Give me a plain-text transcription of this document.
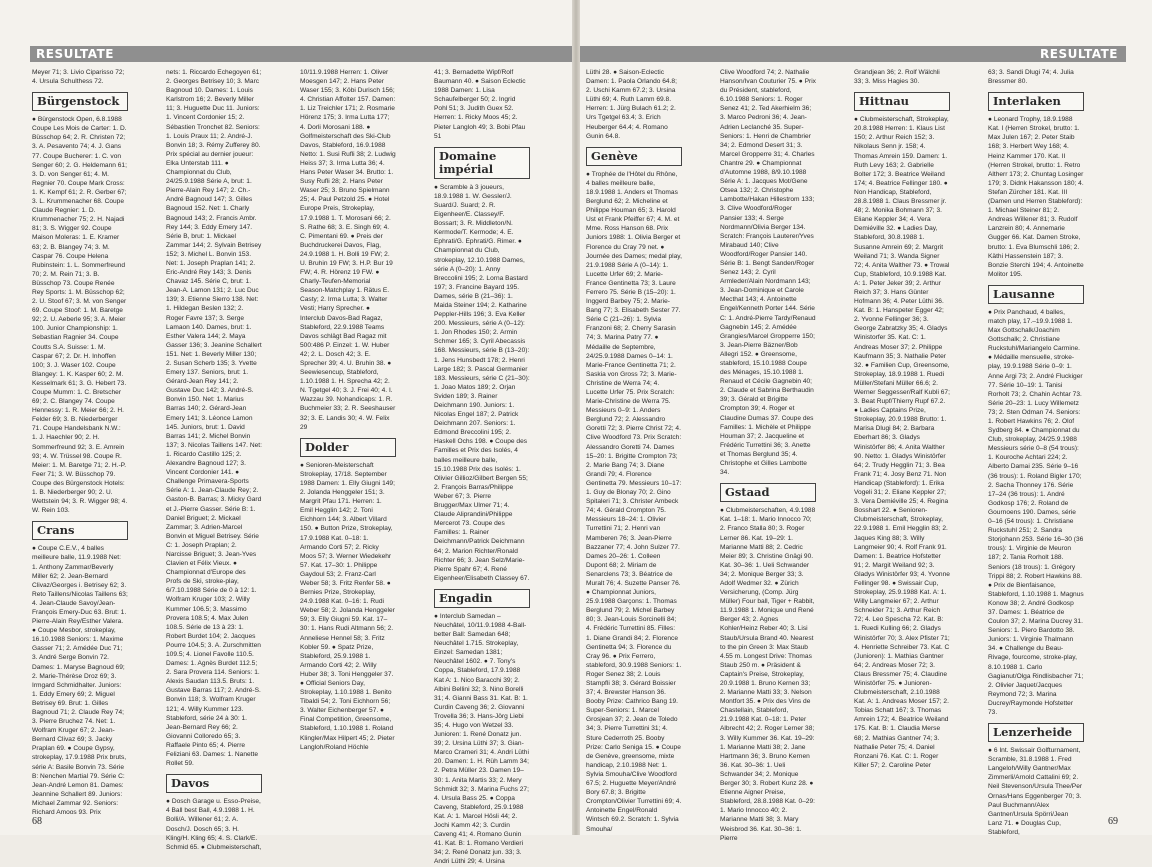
RESULTATE
Meyer 71; 3. Livio Ciparisso 72; 4. Ursula Schulthess 72.
Bürgenstock
● Bürgenstock Open, 6.8.1988 Coupe Les Mois de Carter: 1. D. Büsschop 64; 2. R. Christen 72; 3. A. Pesavento 74; 4. J. Gans 77. Coupe Bucherer: 1. C. von Senger 60; 2. G. Heldemann 61; 3. D. von Senger 61; 4. M. Regnier 70. Coupe Mark Cross: 1. K. Kempf 61; 2. R. Gerber 67; 3. L. Krummenacher 68. Coupe Claude Regnier: 1. D. Krummenacher 75; 2. H. Najadi 81; 3. S. Wigger 92. Coupe Maison Moleras: 1. E. Kramer 63; 2. B. Blangey 74; 3. M. Caspar 76. Coupe Helena Rubinstein: 1. L. Sommerfreund 70; 2. M. Rein 71; 3. B. Büsschop 73. Coupe Renée Rey Sports: 1. M. Büsschop 62; 2. U. Stoof 67; 3. M. von Senger 69. Coupe Stoof: 1. M. Baretge 92; 2. U. Aeberle 95; 3. A. Meier 100. Junior Championship: 1. Sebastian Ragnier 34. Coupe Coutts S.A. Suisse: 1. M. Caspar 67; 2. Dr. H. Inhoffen 100; 3. J. Waser 102. Coupe Blangey: 1. K. Kasper 60; 2. M. Kesselmark 61; 3. G. Hebert 73. Coupe Mumm: 1. C. Bretscher 69; 2. C. Blangey 74. Coupe Hennessy: 1. R. Meier 66; 2. H. Felder 69; 3. B. Niederberger 71. Coupe Handelsbank N.W.: 1. J. Haechler 90; 2. H. Sommerfreund 92; 3. E. Amrein 93; 4. W. Trüssel 98. Coupe R. Meier: 1. M. Baretge 71; 2. H.-P. Feer 71; 3. W. Büsschop 79. Coupe des Bürgenstock Hotels: 1. B. Niederberger 90; 2. U. Wettstein 94; 3. R. Wigger 98; 4. W. Rein 103.
Crans
● Coupe C.E.V., 4 balles meilleure balle, 11.9.1988 Net: 1. Anthony Zammar/Beverly Miller 62; 2. Jean-Bernard Clivaz/Georges i. Betrisey 62; 3. Reto Taillens/Nicolas Taillens 63; 4. Jean-Claude Savoy/Jean-François Emery-Duc 63. Brut: 1. Pierre-Alain Rey/Esther Valera. ● Coupe Mesbor, strokeplay, 16.10.1988 Seniors: 1. Maxime Gasser 71; 2. Amédée Duc 71; 3. André Serge Bonvin 72. Dames: 1. Maryse Bagnoud 69; 2. Marie-Thérèse Droz 69; 3. Irmgard Schmidhalter. Juniors: 1. Eddy Emery 69; 2. Miguel Betrisey 69. Brut: 1. Gilles Bagnoud 71; 2. Claude Rey 74; 3. Pierre Bruchez 74. Net: 1. Wolfram Kruger 67; 2. Jean-Bernard Clivaz 69; 3. Jacky Praplan 69. ● Coupe Gypsy, strokeplay, 17.9.1988 Prix bruts, série A: Basile Bonvin 73. Série B: Nenchen Martial 79. Série C: Jean-André Lemon 81. Dames: Jeannine Schallert 89. Juniors: Michael Zammar 92. Seniors: Richard Amoos 93. Prix
nets: 1. Riccardo Echegoyen 61; 2. Georges Betrisey 10; 3. Marc Bagnoud 10. Dames: 1. Louis Karlstrom 16; 2. Beverly Miller 11; 3. Huguette Duc 11. Juniors: 1. Vincent Cordonier 15; 2. Sébastien Tronchet 82. Seniors: 1. Louis Praux 11; 2. André-J. Bonvin 18; 3. Rémy Zufferey 80. Prix spécial au dernier joueur: Elka Unterstab 111. ● Championnat du Club, 24/25.9.1988 Série A, brut: 1. Pierre-Alain Rey 147; 2. Ch.-André Bagnoud 147; 3. Gilles Bagnoud 152. Net: 1. Charly Bagnoud 143; 2. Francis Ambr. Rey 144; 3. Eddy Emery 147. Série B, brut: 1. Mickael Zammar 144; 2. Sylvain Betrisey 152; 3. Michel L. Bonvin 153. Net: 1. Joseph Praplan 141; 2. Eric-André Rey 143; 3. Denis Chavaz 145. Série C, brut: 1. Jean-A. Lamon 131; 2. Luc Duc 139; 3. Etienne Sierro 138. Net: 1. Hildegan Beslen 132; 2. Roger Favre 137; 3. Serge Lamaon 140. Dames, brut: 1. Esther Valera 144; 2. Maya Gasser 136; 3. Jeanine Schallert 151. Net: 1. Beverly Miller 130; 2. Susan Scherb 135; 3. Yvette Emery 137. Seniors, brut: 1. Gérard-Jean Rey 141; 2. Gustave Duc 142; 3. André-S. Bonvin 150. Net: 1. Marius Barras 140; 2. Gérard-Jean Emery 141; 3. Léonce Lamon 145. Juniors, brut: 1. David Barras 141; 2. Michel Bonvin 137; 3. Nicolas Taillens 147. Net: 1. Ricardo Castillo 125; 2. Alexandre Bagnoud 127; 3. Vincent Cordonier 141. ● Challenge Primavera-Sports Série A: 1. Jean-Claude Rey; 2. Gaston-B. Barras; 3. Micky Gard et J.-Pierre Gasser. Série B: 1. Daniel Briguet; 2. Mickael Zammar; 3. Adrien-Marcel Bonvin et Miguel Betrisey. Série C: 1. Joseph Praplan; 2. Narcisse Briguet; 3. Jean-Yves Clavien et Félix Vieux. ● Championnat d'Europe des Profs de Ski, stroke-play, 6/7.10.1988 Série de 0 à 12: 1. Wolfram Kruger 103; 2. Willy Kummer 106.5; 3. Massimo Provera 108.5; 4. Max Julen 108.5. Série de 13 à 23: 1. Robert Burdet 104; 2. Jacques Pourre 104.5; 3. A. Zurschmitten 109.5; 4. Lionel Favolle 110.5. Dames: 1. Agnès Burdet 112.5; 2. Sara Provera 114. Seniors: 1. Alexis Saudan 113.5. Bruts: 1. Gustave Barras 117; 2. André-S. Bonvin 118; 3. Wolfram Kruger 121; 4. Willy Kummer 123. Stableford, série 24 à 30: 1. Jean-Bernard Rey 66; 2. Giovanni Colloredo 65; 3. Raffaele Pinto 65; 4. Pierre Feliziani 63. Dames: 1. Nanette Rollet 59.
Davos
● Dosch Garage u. Esso-Preise, 4 Ball best Ball, 4.9.1988 1. H. Bolli/A. Willener 61; 2. A. Dosch/J. Dosch 65; 3. H. Kling/H. Kling 65; 4. S. Clark/E. Schmid 65. ● Clubmeisterschaft,
10/11.9.1988 Herren: 1. Oliver Moesgen 147; 2. Hans Peter Waser 155; 3. Köbi Durisch 156; 4. Christian Affolter 157. Damen: 1. Liz Treichler 171; 2. Rosmarie Hörenz 175; 3. Irma Lutta 177; 4. Dorli Morosani 188. ● Golfmeisterschaft des Ski-Club Davos, Stableford, 16.9.1988 Netto: 1. Susi Rufli 38; 2. Ludwig Heiss 37; 3. Irma Lutta 36; 4. Hans Peter Waser 34. Brutto: 1. Susy Rufli 28; 2. Hans Peter Waser 25; 3. Bruno Spielmann 25; 4. Paul Petzold 25. ● Hotel Europe Preis, Strokeplay, 17.9.1988 1. T. Morosani 66; 2. S. Rathe 68; 3. E. Singh 69; 4. C. Pimentani 69. ● Preis der Buchdruckerei Davos, Flag, 24.9.1988 1. H. Bolli 19 FW; 2. U. Bruhin 19 FW; 3. H.P. Bur 19 FW; 4. R. Hörenz 19 FW. ● Charly-Teufen-Memorial Season-Matchplay 1. Rätus E. Casty; 2. Irma Lutta; 3. Walter Vesti; Harry Sprecher. ● Interclub Davos-Bad Ragaz, Stableford, 22.9.1988 Teams Davos schlägt Bad Ragaz mit 500:486 P. Einzel: 1. W. Huber 42; 2. L. Dosch 42; 3. E. Sprecher 39; 4. U. Bruhin 38. ● Seewiesencup, Stableford, 1.10.1988 1. H. Sprecha 42; 2. N. Tgetgel 40; 3. J. Frei 40; 4. I. Wazzau 39. Nohandicaps: 1. R. Buchmeier 33; 2. R. Seeshauser 32; 3. E. Landis 30; 4. W. Felix 29
Dolder
● Senioren-Meisterschaft Strokeplay, 17/18. September 1988 Damen: 1. Elly Giugni 149; 2. Jolanda Henggeler 151; 3. Margrit Pfau 171. Herren: 1. Emil Hegglin 142; 2. Toni Eichhorn 144; 3. Albert Villard 150. ● Button Prize, Strokeplay, 17.9.1988 Kat. 0–18: 1. Armando Corti 57; 2. Ricky Moos 57; 3. Werner Wiedekehr 57. Kat. 17–30: 1. Philippe Gaydoul 53; 2. Franz-Carl Weber 58; 3. Fritz Renfer 58. ● Bernies Prize, Strokeplay, 24.9.1988 Kat. 0–16: 1. Rudi Weber 58; 2. Jolanda Henggeler 59; 3. Elly Giugni 59. Kat. 17–30: 1. Hans Rudi Altmann 56; 2. Anneliese Hennel 58; 3. Fritz Kobler 59. ● Spatz Prize, Stableford, 25.9.1988 1. Armando Corti 42; 2. Willy Huber 38; 3. Toni Henggeler 37. ● Official Seniors Day, Strokeplay, 1.10.1988 1. Benito Tibaldi 54; 2. Toni Eichhorn 56; 3. Walter Eichenberger 57. ● Final Competition, Greensome, Stableford, 1.10.1988 1. Roland Klingler/Max Hilpert 45; 2. Pieter Langloh/Roland Höchle
41; 3. Bernadette Wipf/Rolf Baumann 40. ● Saison Eclectic 1988 Damen: 1. Lisa Schaufelberger 50; 2. Ingrid Pohl 51; 3. Judith Guex 52. Herren: 1. Ricky Moos 45; 2. Pieter Langloh 49; 3. Bobi Pfau 51
Domaine impérial
● Scramble à 3 joueurs, 18.9.1988 1. W. Gessler/J. Suard/J. Suard; 2. R. Eigenheer/E. Classey/F. Bossart; 3. R. Middleton/N. Kermode/T. Kermode; 4. E. Ephrati/G. Ephrati/G. Rimer. ● Championnat du Club, strokeplay, 12.10.1988 Dames, série A (0–20): 1. Anny Breccolini 195; 2. Lorna Bastard 197; 3. Francine Bayard 195. Dames, série B (21–36): 1. Maida Steiner 194; 2. Katharine Peppler-Hills 196; 3. Eva Keller 200. Messieurs, série A (0–12): 1. Jon Rhodes 150; 2. Armin Schmer 165; 3. Cyril Abecassis 168. Messieurs, série B (13–20): 1. Jens Hunsbedt 178; 2. Henri Large 182; 3. Pascal Germanier 183. Messieurs, série C (21–30): 1. Joao Matos 189; 2. Orjan Sviden 189; 3. Rainer Deichmann 190. Juniors: 1. Nicolas Engel 187; 2. Patrick Deichmann 207. Seniors: 1. Edmond Breccolini 195; 2. Haskell Ochs 198. ● Coupe des Familles et Prix des Isolés, 4 balles meilleure balle, 15.10.1988 Prix des Isolés: 1. Olivier Gillioz/Gilbert Bergen 55; 2. François Barras/Philippe Weber 67; 3. Pierre Brugger/Max Ulmer 71; 4. Claude Aliprandini/Philippe Mercerot 73. Coupe des Familles: 1. Rainer Deichmann/Patrick Deichmann 64; 2. Marion Richter/Ronald Richter 66; 3. Jean Selz/Marie-Pierre Spahr 67; 4. René Eigenheer/Elisabeth Classey 67.
Engadin
● Interclub Samedan – Neuchâtel, 10/11.9.1988 4-Ball-better Ball: Samedan 648; Neuchâtel 1.715. Strokeplay, Einzel: Samedan 1381; Neuchâtel 1602. ● 7. Tony's Coppa, Stableford, 17.9.1988 Kat A: 1. Nico Baracchi 39; 2. Albini Bellini 32; 3. Nino Borelli 31; 4. Gianni Bass 31. Kat. B: 1. Curdin Caveng 36; 2. Giovanni Trovella 36; 3. Hans-Jörg Liebi 35; 4. Hugo von Wetzel 33. Junioren: 1. René Donatz jun. 39; 2. Ursina Lüthi 37; 3. Gian-Marco Crameri 31; 4. Andri Lüthi 20. Damen: 1. H. Rüh Lamm 34; 2. Petra Müller 23. Damen 19–30: 1. Anita Martis 33; 2. Mery Schmidt 32; 3. Marina Fuchs 27; 4. Ursula Bass 25. ● Coppa Caveng, Stableford, 25.9.1988 Kat. A: 1. Marcel Hösli 44; 2. Jochi Kamm 42; 3. Curdin Caveng 41; 4. Romano Gunin 41. Kat. B: 1. Romano Verdieri 34; 2. René Donatz jun. 33; 3. Andri Lüthi 29; 4. Ursina
68
RESULTATE
Lüthi 28. ● Saison-Eclectic Damen: 1. Paola Orlando 64.8; 2. Uschi Kamm 67.2; 3. Ursina Lüthi 69; 4. Ruth Lamm 69.8. Herren: 1. Jürg Bulach 61.2; 2. Urs Tgetgel 63.4; 3. Erich Heuberger 64.4; 4. Romano Gunin 64.8.
Genève
● Trophée de l'Hôtel du Rhône, 4 balles meilleure balle, 18.9.1988 1. Anders et Thomas Berglund 62; 2. Micheline et Philippe Houman 65; 3. Harold Ust et Frank Pfeiffer 67; 4. M. et Mme. Ross Hanson 68. Prix Juniors 1988: 1. Olivia Berger et Florence du Cray 79 net. ● Journée des Dames; medal play, 21.9.1988 Série A (0–14): 1. Lucette Urfer 69; 2. Marie-France Gentinetta 73; 3. Laure Ferrero 75. Série B (15–20): 1. Inggerd Barbey 75; 2. Marie-Bang 77; 3. Elisabeth Sester 77. Série C (21–26): 1. Sylvia Franzoni 68; 2. Cherry Sarasin 74; 3. Marina Patry 77. ● Médaille de Septembre, 24/25.9.1988 Dames 0–14: 1. Marie-France Gentinetta 71; 2. Saskia von Gross 72; 3. Marie-Christine de Werra 74; 4. Lucette Urfer 75. Prix Scratch: Marie-Christine de Werra 75. Messieurs 0–9: 1. Anders Berglund 72; 2. Alessandro Goretti 72; 3. Pierre Christ 72; 4. Clive Woodford 73. Prix Scratch: Alessandro Goretti 74. Dames 15–20: 1. Brigitte Crompton 73; 2. Marie Bang 74; 3. Diane Grandi 79; 4. Florence Gentinetta 79. Messieurs 10–17: 1. Guy de Blonay 70; 2. Gino Spitaleri 71; 3. Christer Ambeck 74; 4. Gérald Crompton 75. Messieurs 18–24: 1. Olivier Turrettini 71; 2. Henri van Mamberen 76; 3. Jean-Pierre Bazzaner 77; 4. John Sulzer 77. Dames 20–26: 1. Colleen Dupont 68; 2. Miriam de Senarclens 73; 3. Béatrice de Muralt 76; 4. Suzette Panser 76. ● Championnat Juniors, 25.9.1988 Garçons: 1. Thomas Berglund 79; 2. Michel Barbey 80; 3. Jean-Louis Sorcinelli 84; 4. Frédéric Turrettini 85. Filles: 1. Diane Grandi 84; 2. Florence Gentinetta 94; 3. Florence du Cray 96. ● Prix Ferrero, stableford, 30.9.1988 Seniors: 1. Roger Senez 38; 2. Louis Stampfli 38; 3. Gérard Boissier 37; 4. Brewster Hanson 36. Booby Prize: Cathrico Bang 19. Super-Seniors: 1. Marcel Grosjean 37; 2. Jean de Toledo 34; 3. Pierre Turrettini 31; 4. Sture Cederroth 25. Booby Prize: Carlo Seniga 15. ● Coupe de Genève, greensome, mixte handicap, 2.10.1988 Net: 1. Sylvia Smouha/Clive Woodford 67.5; 2. Huguette Meyer/André Bory 67.8; 3. Brigitte Crompton/Olivier Turrettini 69; 4. Antoinette Engel/Ronald Wintsch 69.2. Scratch: 1. Sylvia Smouha/
Clive Woodford 74; 2. Nathalie Hanson/Ivan Couturier 75. ● Prix du Président, stableford, 6.10.1988 Seniors: 1. Roger Senez 41; 2. Ted Akerhielm 36; 3. Marco Pedroni 36; 4. Jean-Adrien Leclanché 35. Super-Seniors: 1. Henri de Chambrier 34; 2. Edmond Desert 31; 3. Marcel Gropperre 31; 4. Charles Chantre 29. ● Championnat d'Automne 1988, 8/9.10.1988 Série A: 1. Jacques Mot/Gene Otsea 132; 2. Christophe Lambotte/Hakan Hillestrom 133; 3. Clive Woodford/Roger Pansier 133; 4. Serge Nordmann/Olivia Berger 134. Scratch: François Lauterer/Yves Mirabaud 140; Clive Woodford/Roger Pansier 140. Série B: 1. Bengt Sanden/Roger Senez 143; 2. Cyril Armleder/Alain Nordmann 143; 3. Jean-Dominique et Carole Mecthat 143; 4. Antoinette Engel/Kenneth Porter 144. Série C: 1. André-Pierre Tardy/Renaud Gagnebin 145; 2. Amédée Grangies/Marcel Gropperre 150; 3. Jean-Pierre Bäzner/Bob Allegri 152. ● Greensome, stableford, 15.10.1988 Coupe des Ménages, 15.10.1988 1. Renaud et Cécile Gagnebin 40; 2. Claude et Sabrina Berthaudin 39; 3. Gérald et Brigitte Crompton 39; 4. Roger et Claudine Dumas 37. Coupe des Familles: 1. Michèle et Philippe Houman 37; 2. Jacqueline et Frédéric Turrettini 36; 3. Anette et Thomas Berglund 35; 4. Christophe et Gilles Lambotte 34.
Gstaad
● Clubmeisterschaften, 4.9.1988 Kat. 1–18: 1. Mario Innocco 70; 2. Franco Stalla 80; 3. Roger Lerner 86. Kat. 19–29: 1. Marianne Matti 88; 2. Cedric Meier 89; 3. Christine Gnägi 90. Kat. 30–36: 1. Ueli Schwander 34; 2. Monique Berger 33; 3. Adolf Wedmer 32. ● Zürich Versicherung, (Comp. Jürg Müller) Four ball, Tiger + Rabbit, 11.9.1988 1. Monique und René Berger 43; 2. Agnes Kohler/Heinz Reber 40; 3. Lisi Staub/Ursula Brand 40. Nearest to the pin Green 3: Max Staub 4.55 m. Longest Drive: Thomas Staub 250 m. ● Präsident & Captain's Preise, Strokeplay, 20.9.1988 1. Bruno Kernen 33; 2. Marianne Matti 33; 3. Nelson Montfort 35. ● Prix des Vins de Chastellain, Stableford, 21.9.1988 Kat. 0–18: 1. Peter Albrecht 42; 2. Roger Lerner 38; 3. Willy Kummer 36. Kat. 19–29: 1. Marianne Matti 38; 2. Jane Hartmann 36; 3. Bruno Kernen 36. Kat. 30–36: 1. Ueli Schwander 34; 2. Monique Berger 30; 3. Robert Kunz 28. ● Etienne Aigner Preise, Stableford, 28.8.1988 Kat. 0–29: 1. Mario Innocco 40; 2. Marianne Matti 38; 3. Mary Weisbrod 36. Kat. 30–36: 1. Pierre
Grandjean 36; 2. Rolf Wälchli 33; 3. Miss Hagies 30.
Hittnau
● Clubmeisterschaft, Strokeplay, 20.8.1988 Herren: 1. Klaus List 150; 2. Arthur Reich 152; 3. Nikolaus Senn jr. 158; 4. Thomas Amrein 159. Damen: 1. Ruth Levy 163; 2. Gabrielle Bolter 172; 3. Beatrice Weiland 174; 4. Beatrice Fellinger 180. ● Non Handicap, Stableford, 28.8.1988 1. Claus Bressmer jr. 48; 2. Monika Bohmann 37; 3. Eliane Keppler 34; 4. Vera Demiéville 32. ● Ladies Day, Stableford, 30.8.1988 1. Susanne Amrein 69; 2. Margrit Weiland 71; 3. Wanda Signer 72; 4. Anita Walther 73. ● Trowal Cup, Stableford, 10.9.1988 Kat. A: 1. Peter Jeker 39; 2. Arthur Reich 37; 3. Hans Günter Hofmann 36; 4. Peter Lüthi 36. Kat. B: 1. Hanspeter Egger 42; 2. Yvonne Fellinger 36; 3. George Zabratzky 35; 4. Gladys Winistorfer 35. Kat. C: 1. Andreas Moser 37; 2. Philippe Kaufmann 35; 3. Nathalie Peter 32. ● Familien Cup, Greensome, Strokeplay, 18.9.1988 1. Ruedi Müller/Stefani Müller 66.6; 2. Werner Seggesser/Ralf Kubli 67; 3. Beat Rupf/Thierry Rupf 67.2. ● Ladies Captains Prize, Strokeplay, 20.9.1988 Brutto: 1. Marisa Dlugi 84; 2. Barbara Eberhart 86; 3. Gladys Winistörfer 86; 4. Anita Walther 90. Netto: 1. Gladys Winistörfer 64; 2. Trudy Hegglin 71; 3. Bea Frank 71; 4. Josy Benz 71. Non Handicap (Stableford): 1. Erika Vogeli 31; 2. Eliane Keppler 27; 3. Vera Demiéville 25; 4. Regina Bosshart 22. ● Senioren-Clubmeisterschaft, Strokeplay, 22.9.1988 1. Emil Hegglin 83; 2. Jaques King 88; 3. Willy Langmeier 90; 4. Rolf Frank 91. Damen: 1. Beatrice Hofstetter 91; 2. Margit Weiland 92; 3. Gladys Winistörfer 93; 4. Yvonne Fellinger 98. ● Swissair Cup, Strokeplay, 25.9.1988 Kat. A: 1. Willy Langmeier 67; 2. Arthur Schneider 71; 3. Arthur Reich 72; 4. Leo Spescha 72. Kat. B: 1. Ruedi Kulling 66; 2. Gladys Winistörfer 70; 3. Alex Pfister 71; 4. Henriette Schreiber 73. Kat. C (Junioren): 1. Mathias Gantner 64; 2. Andreas Moser 72; 3. Claus Bressmer 75; 4. Claudine Winistörfer 75. ● Junioren-Clubmeisterschaft, 2.10.1988 Kat. A: 1. Andreas Moser 157; 2. Tobias Schatt 167; 3. Thomas Amrein 172; 4. Beatrice Weiland 175. Kat. B: 1. Claudia Merse 68; 2. Mathias Gantner 74; 3. Nathalie Peter 75; 4. Daniel Ronzani 76. Kat. C: 1. Roger Killer 57; 2. Caroline Peter
63; 3. Sandi Dlugi 74; 4. Julia Bressmer 80.
Interlaken
● Leonard Trophy, 18.9.1988 Kat. I (Herren Strokel, brutto: 1. Max Julen 167; 2. Peter Staib 168; 3. Herbert Wey 168; 4. Heinz Kammer 170. Kat. II (Herren Strokel, brutto: 1. Retro Altherr 173; 2. Chuntag Losinger 179; 3. Didnk Hakansson 180; 4. Stefan Zürcher 181. Kat. III (Damen und Herren Stableford): 1. Michael Steiner 81; 2. Andreas Willener 81; 3. Rudolf Lanzrein 80; 4. Annemarie Gugger 66. Kat. Damen Stroke, brutto: 1. Eva Blumschli 186; 2. Käthi Hassenstein 187; 3. Bonzie Sterchi 194; 4. Antoinette Molitor 195.
Lausanne
● Prix Panchaud, 4 balles, match play, 17.–19.9.1988 1. Max Gottschalk/Joachim Gottschalk; 2. Christiane Ruckstuhl/Mariangelo Carmine. ● Médaille mensuelle, stroke-play, 19.9.1988 Série 0–9: 1. Anne Argi 73; 2. André Fluckiger 77. Série 10–19: 1. Tanisi Rorholt 73; 2. Chahin Achtar 73. Série 20–23: 1. Lucy Willemetz 73; 2. Sten Odman 74. Seniors: 1. Robert Hawkins 76; 2. Olof Sydberg 84. ● Championnat du Club, strokeplay, 24/25.9.1988 Messieurs série 0–8 (54 trous): 1. Kouroche Achtari 224; 2. Alberto Damai 235. Série 9–16 (36 trous): 1. Roland Bigler 170; 2. Sacha Thonney 176. Série 17–24 (36 trous): 1. André Godkosp 176; 2. Roland de Gournoens 190. Dames, série 0–16 (54 trous): 1. Christiane Ruckstuhl 251; 2. Sandra Storjohann 253. Série 16–30 (36 trous): 1. Virginie de Meuron 187; 2. Tania Rorholt 188. Seniors (18 trous): 1. Grégory Trippi 88; 2. Robert Hawkins 88. ● Prix de Bienfaisance, Stableford, 1.10.1988 1. Magnus Konow 38; 2. André Godkosp 37. Dames: 1. Béatrice de Coulon 37; 2. Marina Ducrey 31. Seniors: 1. Piero Bardotto 38. Juniors: 1. Virginie Thalmann 34. ● Challenge du Beau-Rivage, fourcome, stroke-play, 8.10.1988 1. Carlo Gagianut/Olga Rindlisbacher 71; 2. Olivier Jaquet/Jacques Reymond 72; 3. Marina Ducrey/Raymonde Hofstetter 73.
Lenzerheide
● 6 Int. Swissair Golfturnament, Scramble, 31.8.1988 1. Fred Langeloh/Willy Gantner/Max Zimmerli/Arnold Cattalini 69; 2. Neil Stevenson/Ursula Thee/Per Ornas/Hans Eggenberger 70; 3. Paul Buchmann/Alex Gantner/Ursula Spörri/Jean Lanz 71. ● Douglas Cup, Stableford,
69
